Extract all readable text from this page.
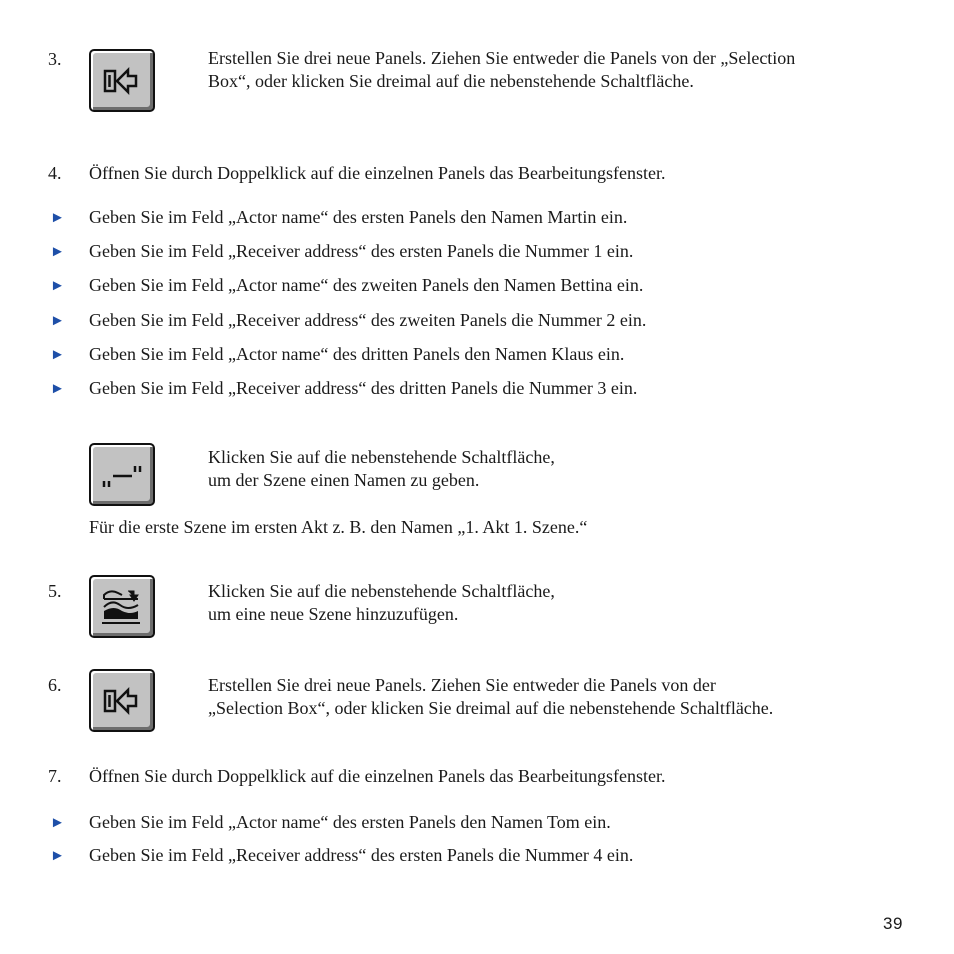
3.	Erstellen Sie drei neue Panels. Ziehen Sie entweder die Panels von der „Selection
Box“, oder klicken Sie dreimal auf die nebenstehende Schaltfläche.
4. Öffnen Sie durch Doppelklick auf die einzelnen Panels das Bearbeitungsfenster.
► Geben Sie im Feld „Actor name“ des ersten Panels den Namen Martin ein.
► Geben Sie im Feld „Receiver address“ des ersten Panels die Nummer 1 ein.
► Geben Sie im Feld „Actor name“ des zweiten Panels den Namen Bettina ein.
► Geben Sie im Feld „Receiver address“ des zweiten Panels die Nummer 2 ein.
► Geben Sie im Feld „Actor name“ des dritten Panels den Namen Klaus ein.
► Geben Sie im Feld „Receiver address“ des dritten Panels die Nummer 3 ein.
Klicken Sie auf die nebenstehende Schaltfläche,
um der Szene einen Namen zu geben.
Für die erste Szene im ersten Akt z. B. den Namen „1. Akt 1. Szene.“
5.	Klicken Sie auf die nebenstehende Schaltfläche,
um eine neue Szene hinzuzufügen.
6.	Erstellen Sie drei neue Panels. Ziehen Sie entweder die Panels von der
„Selection Box“, oder klicken Sie dreimal auf die nebenstehende Schaltfläche.
7. Öffnen Sie durch Doppelklick auf die einzelnen Panels das Bearbeitungsfenster.
► Geben Sie im Feld „Actor name“ des ersten Panels den Namen Tom ein.
► Geben Sie im Feld „Receiver address“ des ersten Panels die Nummer 4 ein.
39
